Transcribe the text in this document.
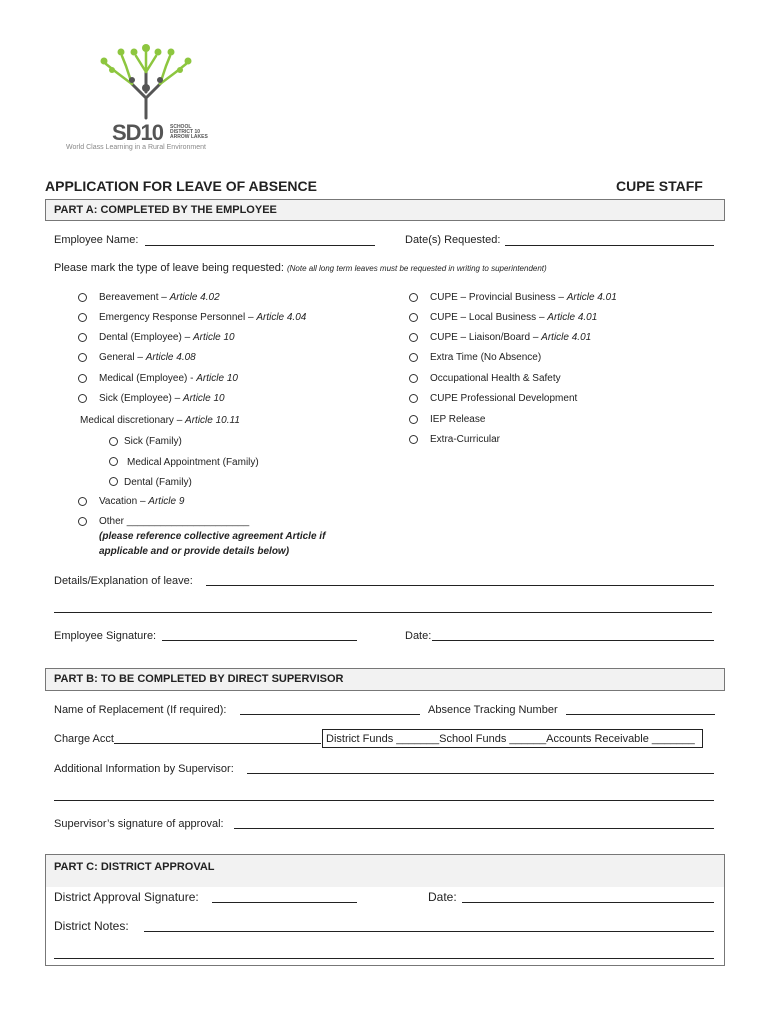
SD10 SCHOOL
DISTRICT 10
ARROW LAKES
World Class Learning in a Rural Environment
APPLICATION FOR LEAVE OF ABSENCE	CUPE STAFF
PART A: COMPLETED BY THE EMPLOYEE
Employee Name:	Date(s) Requested:
Please mark the type of leave being requested: (Note all long term leaves must be requested in writing to superintendent)
Bereavement – Article 4.02
Emergency Response Personnel – Article 4.04
Dental (Employee) – Article 10
General – Article 4.08
Medical (Employee) - Article 10
Sick (Employee) – Article 10
Medical discretionary – Article 10.11
Sick (Family)
Medical Appointment (Family)
Dental (Family)
Vacation – Article 9
Other ______________________
(please reference collective agreement Article if
applicable and or provide details below)
CUPE – Provincial Business – Article 4.01
CUPE – Local Business – Article 4.01
CUPE – Liaison/Board – Article 4.01
Extra Time (No Absence)
Occupational Health & Safety
CUPE Professional Development
IEP Release
Extra-Curricular
Details/Explanation of leave:
Employee Signature:	Date:
PART B: TO BE COMPLETED BY DIRECT SUPERVISOR
Name of Replacement (If required):	Absence Tracking Number
Charge Acct	District Funds _______School Funds ______Accounts Receivable _______
Additional Information by Supervisor:
Supervisor’s signature of approval:
PART C: DISTRICT APPROVAL
District Approval Signature:	Date:
District Notes:
